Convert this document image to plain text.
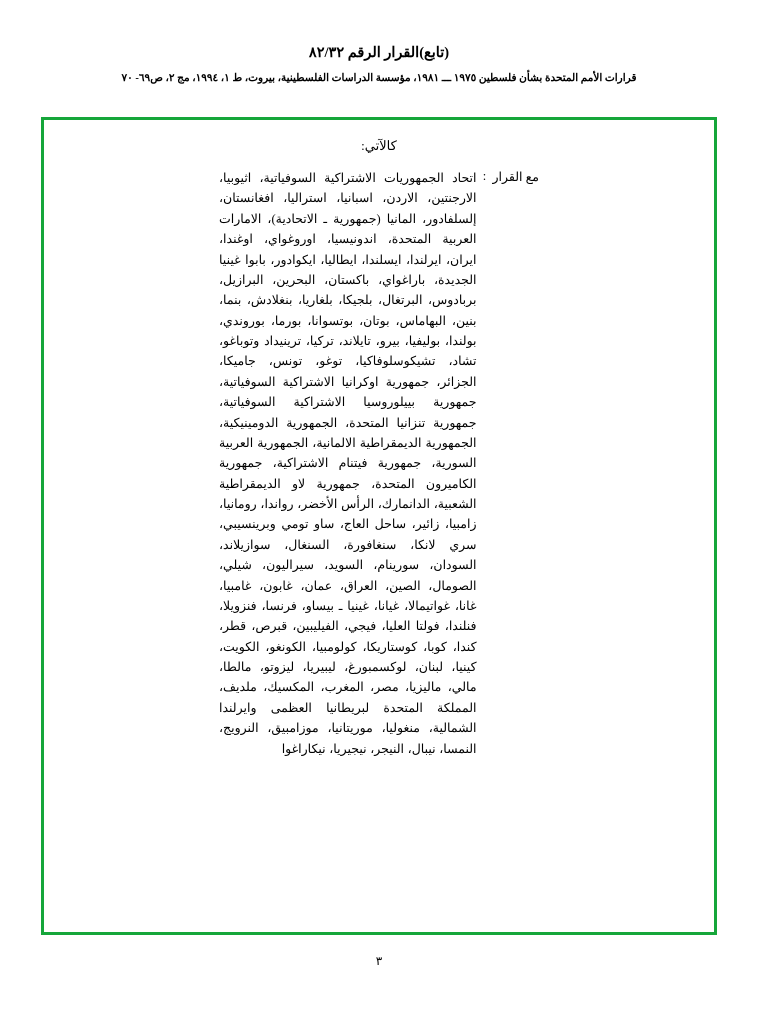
(تابع)القرار الرقم ٨٢/٣٢
قرارات الأمم المتحدة بشأن فلسطين ١٩٧٥ ـــ ١٩٨١، مؤسسة الدراسات الفلسطينية، بيروت، ط ١، ١٩٩٤، مج ٢، ص٦٩- ٧٠
كالآتي:
مع القرار
:
اتحاد الجمهوريات الاشتراكية السوفياتية، اثيوبيا، الارجنتين، الاردن، اسبانيا، استراليا، افغانستان، إلسلفادور، المانيا (جمهورية ـ الاتحادية)، الامارات العربية المتحدة، اندونيسيا، اوروغواي، اوغندا، ايران، ايرلندا، ايسلندا، ايطاليا، ايكوادور، بابوا غينيا الجديدة، باراغواي، باكستان، البحرين، البرازيل، بربادوس، البرتغال، بلجيكا، بلغاريا، بنغلادش، بنما، بنين، البهاماس، بوتان، بوتسوانا، بورما، بوروندي، بولندا، بوليفيا، بيرو، تايلاند، تركيا، ترينيداد وتوباغو، تشاد، تشيكوسلوفاكيا، توغو، تونس، جاميكا، الجزائر، جمهورية اوكرانيا الاشتراكية السوفياتية، جمهورية بييلوروسيا الاشتراكية السوفياتية، جمهورية تنزانيا المتحدة، الجمهورية الدومينيكية، الجمهورية الديمقراطية الالمانية، الجمهورية العربية السورية، جمهورية فيتنام الاشتراكية، جمهورية الكاميرون المتحدة، جمهورية لاو الديمقراطية الشعبية، الدانمارك، الرأس الأخضر، رواندا، رومانيا، زامبيا، زائير، ساحل العاج، ساو تومي وبرينسيبي، سري لانكا، سنغافورة، السنغال، سوازيلاند، السودان، سورينام، السويد، سيراليون، شيلي، الصومال، الصين، العراق، عمان، غابون، غامبيا، غانا، غواتيمالا، غيانا، غينيا ـ بيساو، فرنسا، فنزويلا، فنلندا، فولتا العليا، فيجي، الفيليبين، قبرص، قطر، كندا، كوبا، كوستاريكا، كولومبيا، الكونغو، الكويت، كينيا، لبنان، لوكسمبورغ، ليبيريا، ليزوتو، مالطا، مالي، ماليزيا، مصر، المغرب، المكسيك، ملديف، المملكة المتحدة لبريطانيا العظمى وايرلندا الشمالية، منغوليا، موريتانيا، موزامبيق، النرويج، النمسا، نيبال، النيجر، نيجيريا، نيكاراغوا
٣
